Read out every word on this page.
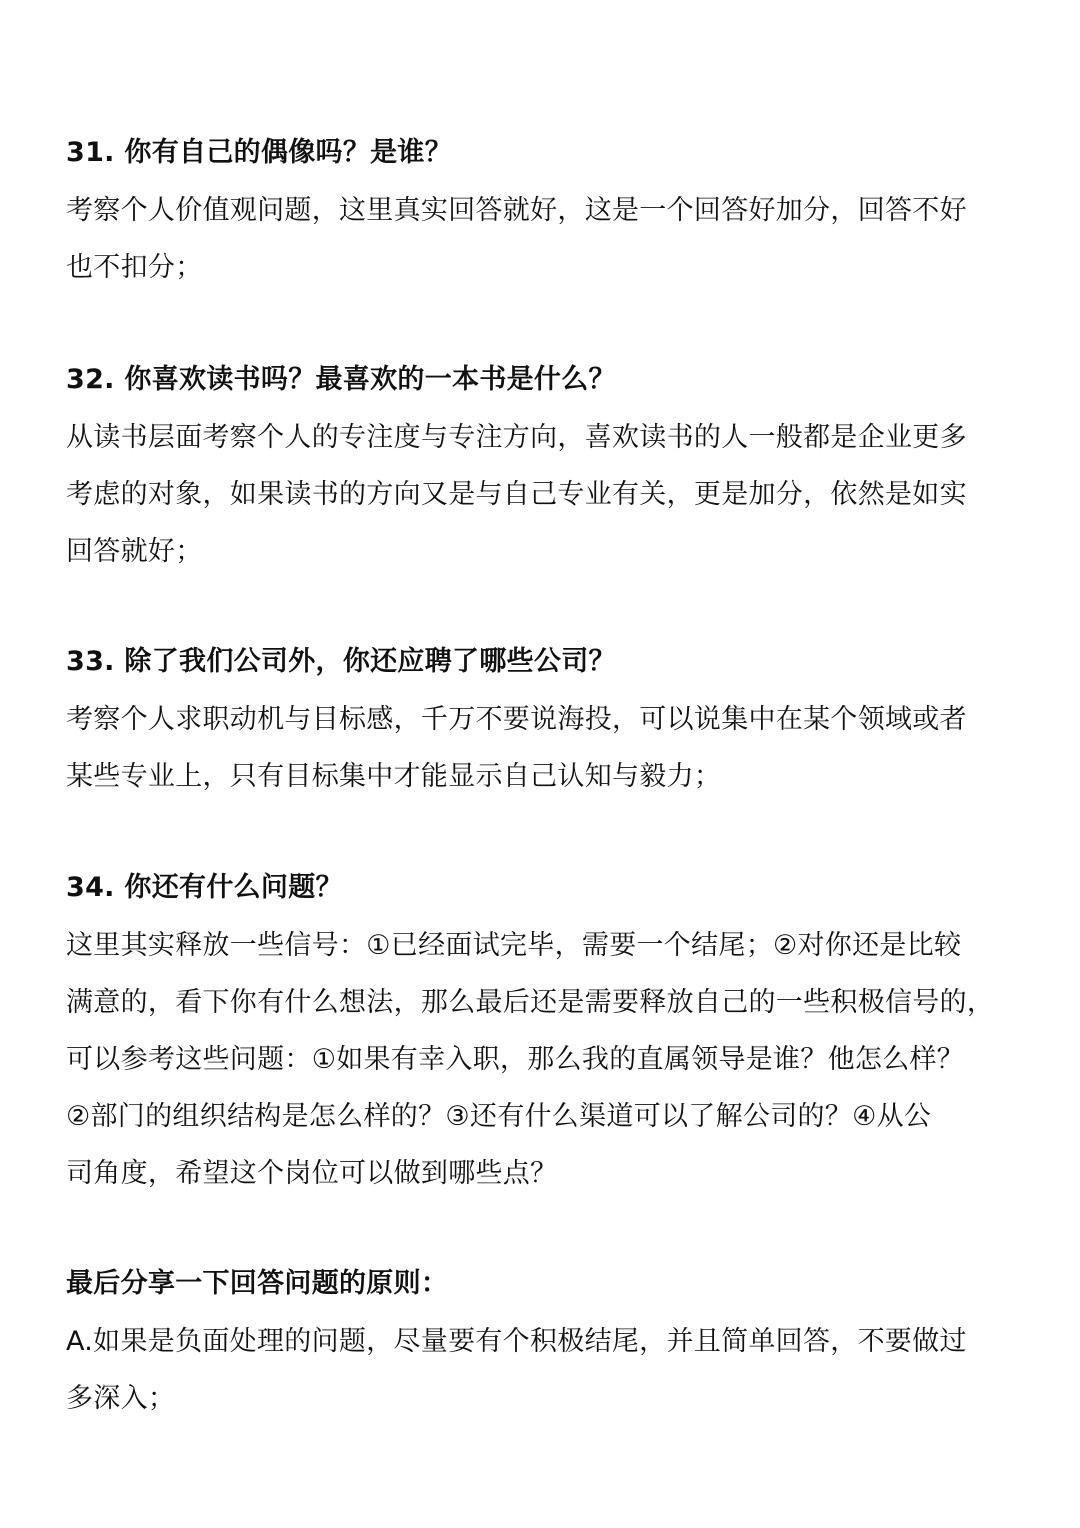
31. 你有自己的偶像吗？是谁？

考察个人价值观问题，这里真实回答就好，这是一个回答好加分，回答不好
也不扣分；

32. 你喜欢读书吗？最喜欢的一本书是什么？

从读书层面考察个人的专注度与专注方向，喜欢读书的人一般都是企业更多
考虑的对象，如果读书的方向又是与自己专业有关，更是加分，依然是如实
回答就好；

33. 除了我们公司外，你还应聘了哪些公司？

考察个人求职动机与目标感，千万不要说海投，可以说集中在某个领域或者
某些专业上，只有目标集中才能显示自己认知与毅力；

34. 你还有什么问题？

这里其实释放一些信号：①已经面试完毕，需要一个结尾；②对你还是比较
满意的，看下你有什么想法，那么最后还是需要释放自己的一些积极信号的，
可以参考这些问题：①如果有幸入职，那么我的直属领导是谁？他怎么样？
②部门的组织结构是怎么样的？③还有什么渠道可以了解公司的？④从公
司角度，希望这个岗位可以做到哪些点？

最后分享一下回答问题的原则：

A.如果是负面处理的问题，尽量要有个积极结尾，并且简单回答，不要做过
多深入；
